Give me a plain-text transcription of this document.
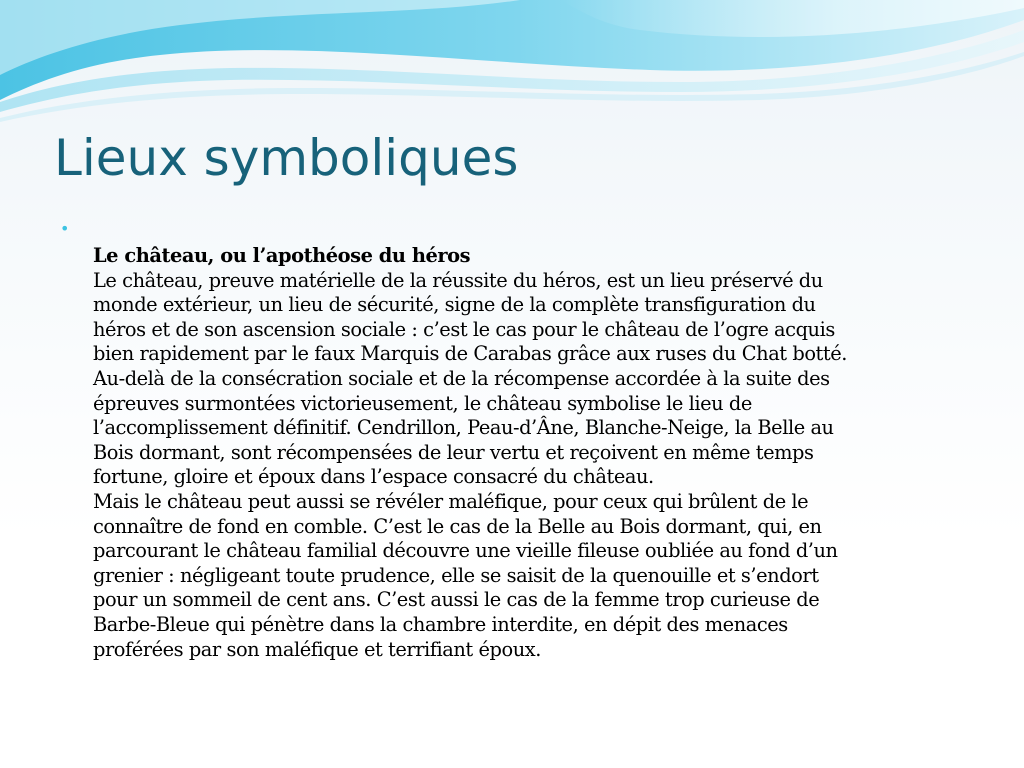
Lieux symboliques
•
Le château, ou l’apothéose du héros
Le château, preuve matérielle de la réussite du héros, est un lieu préservé du
monde extérieur, un lieu de sécurité, signe de la complète transfiguration du
héros et de son ascension sociale : c’est le cas pour le château de l’ogre acquis
bien rapidement par le faux Marquis de Carabas grâce aux ruses du Chat botté.
Au-delà de la consécration sociale et de la récompense accordée à la suite des
épreuves surmontées victorieusement, le château symbolise le lieu de
l’accomplissement définitif. Cendrillon, Peau-d’Âne, Blanche-Neige, la Belle au
Bois dormant, sont récompensées de leur vertu et reçoivent en même temps
fortune, gloire et époux dans l’espace consacré du château.
Mais le château peut aussi se révéler maléfique, pour ceux qui brûlent de le
connaître de fond en comble. C’est le cas de la Belle au Bois dormant, qui, en
parcourant le château familial découvre une vieille fileuse oubliée au fond d’un
grenier : négligeant toute prudence, elle se saisit de la quenouille et s’endort
pour un sommeil de cent ans. C’est aussi le cas de la femme trop curieuse de
Barbe-Bleue qui pénètre dans la chambre interdite, en dépit des menaces
proférées par son maléfique et terrifiant époux.
